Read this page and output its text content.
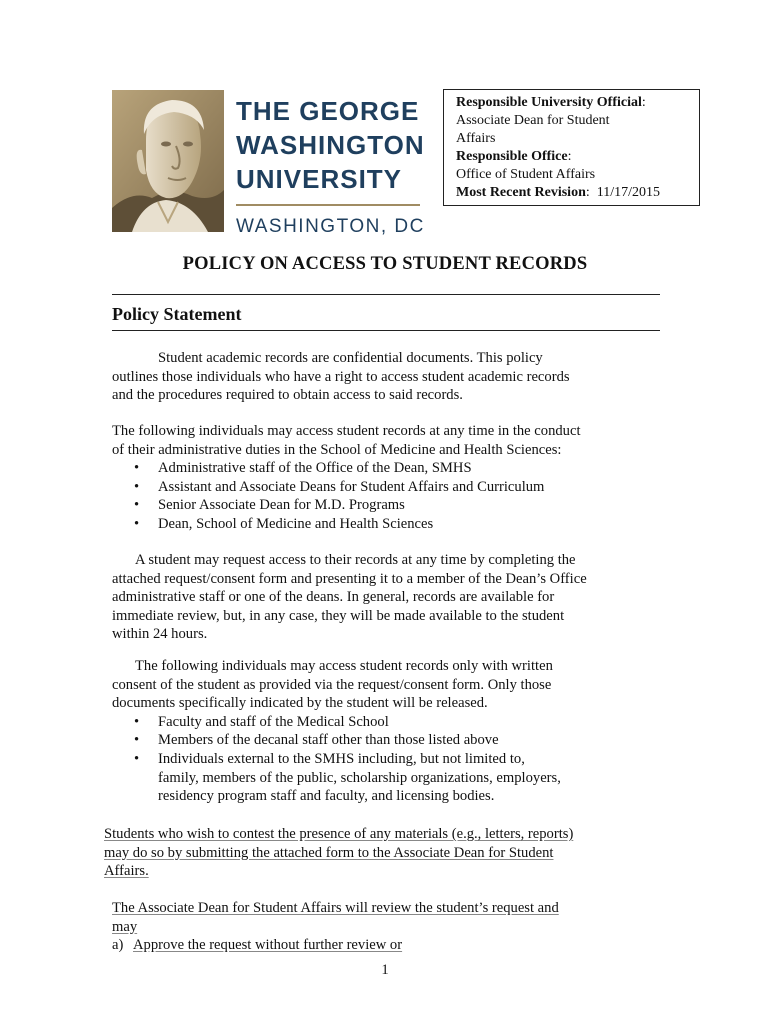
THE GEORGE
WASHINGTON
UNIVERSITY
WASHINGTON, DC
Responsible University Official:
Associate Dean for Student
Affairs
Responsible Office:
Office of Student Affairs
Most Recent Revision:  11/17/2015
POLICY ON ACCESS TO STUDENT RECORDS
Policy Statement
Student academic records are confidential documents. This policy
outlines those individuals who have a right to access student academic records
and the procedures required to obtain access to said records.
The following individuals may access student records at any time in the conduct
of their administrative duties in the School of Medicine and Health Sciences:
• Administrative staff of the Office of the Dean, SMHS
• Assistant and Associate Deans for Student Affairs and Curriculum
• Senior Associate Dean for M.D. Programs
• Dean, School of Medicine and Health Sciences
A student may request access to their records at any time by completing the
attached request/consent form and presenting it to a member of the Dean’s Office
administrative staff or one of the deans. In general, records are available for
immediate review, but, in any case, they will be made available to the student
within 24 hours.
The following individuals may access student records only with written
consent of the student as provided via the request/consent form. Only those
documents specifically indicated by the student will be released.
• Faculty and staff of the Medical School
• Members of the decanal staff other than those listed above
• Individuals external to the SMHS including, but not limited to,
family, members of the public, scholarship organizations, employers,
residency program staff and faculty, and licensing bodies.
Students who wish to contest the presence of any materials (e.g., letters, reports)
may do so by submitting the attached form to the Associate Dean for Student
Affairs.
The Associate Dean for Student Affairs will review the student’s request and
may
a) Approve the request without further review or
1
